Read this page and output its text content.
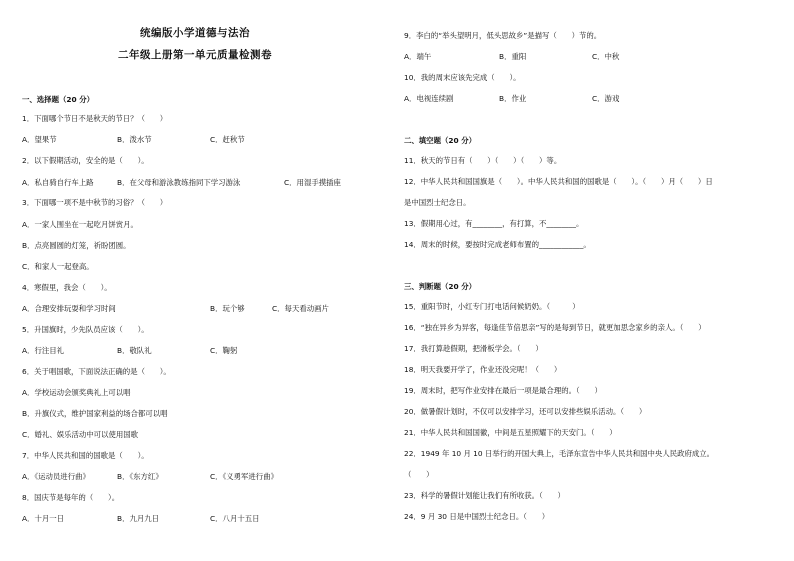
统编版小学道德与法治
二年级上册第一单元质量检测卷
一、选择题（20 分）
1．下面哪个节日不是秋天的节日？（　　）
A．望果节	B．泼水节	C．赶秋节
2．以下假期活动，安全的是（　　）。
A．私自骑自行车上路	B．在父母和游泳教练指同下学习游泳	C．用湿手摸插座
3．下面哪一项不是中秋节的习俗？（　　）
A．一家人围坐在一起吃月饼赏月。
B．点亮圆圆的灯笼，祈盼团圆。
C．和家人一起登高。
4．寒假里，我会（　　）。
A．合理安排玩耍和学习时间	B．玩个够	C．每天看动画片
5．升国旗时，少先队员应该（　　）。
A．行注目礼	B．敬队礼	C．鞠躬
6．关于唱国歌，下面说法正确的是（　　）。
A．学校运动会颁奖典礼上可以唱
B．升旗仪式，维护国家利益的场合都可以唱
C．婚礼、娱乐活动中可以使用国歌
7．中华人民共和国的国歌是（　　）。
A．《运动员进行曲》	B．《东方红》	C．《义勇军进行曲》
8．国庆节是每年的（　　）。
A．十月一日	B．九月九日	C．八月十五日
9．李白的“举头望明月，低头思故乡”是描写（　　）节的。
A．端午	B．重阳	C．中秋
10．我的周末应该先完成（　　）。
A．电视连续剧	B．作业	C．游戏
二、填空题（20 分）
11．秋天的节日有（　　）（　　）（　　）等。
12．中华人民共和国国旗是（　　）。中华人民共和国的国歌是（　　）。（　　）月（　　）日
是中国烈士纪念日。
13．假期用心过，有________，有打算，不________。
14．周末的时候，要按时完成老师布置的____________。
三、判断题（20 分）
15．重阳节时，小红专门打电话问候奶奶。（　　　）
16．“独在异乡为异客，每逢佳节倍思亲”写的是每到节日，就更加思念家乡的亲人。（　　）
17．我打算趁假期，把滑板学会。（　　）
18．明天我要开学了，作业还没完呢！（　　）
19．周末时，把写作业安排在最后一项是最合理的。（　　）
20．做暑假计划时，不仅可以安排学习，还可以安排些娱乐活动。（　　）
21．中华人民共和国国徽，中间是五星照耀下的天安门。（　　）
22．1949 年 10 月 10 日举行的开国大典上，毛泽东宣告中华人民共和国中央人民政府成立。
（　　）
23．科学的暑假计划能让我们有所收获。（　　）
24．9 月 30 日是中国烈士纪念日。（　　）
